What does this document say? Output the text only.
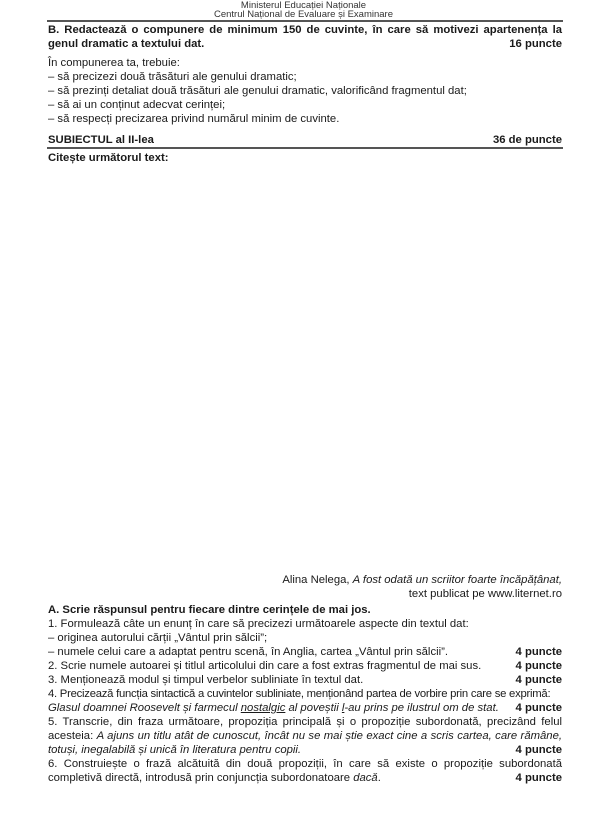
Ministerul Educației Naționale
Centrul Național de Evaluare și Examinare
B. Redactează o compunere de minimum 150 de cuvinte, în care să motivezi apartenența la
genul dramatic a textului dat.	16 puncte
În compunerea ta, trebuie:
– să precizezi două trăsături ale genului dramatic;
– să prezinți detaliat două trăsături ale genului dramatic, valorificând fragmentul dat;
– să ai un conținut adecvat cerinței;
– să respecți precizarea privind numărul minim de cuvinte.
SUBIECTUL al II-lea	36 de puncte
Citește următorul text:
Alina Nelega, A fost odată un scriitor foarte încăpățânat,
text publicat pe www.liternet.ro
A. Scrie răspunsul pentru fiecare dintre cerințele de mai jos.
1. Formulează câte un enunț în care să precizezi următoarele aspecte din textul dat:
– originea autorului cărții „Vântul prin sălcii”;
– numele celui care a adaptat pentru scenă, în Anglia, cartea „Vântul prin sălcii”.	4 puncte
2. Scrie numele autoarei și titlul articolului din care a fost extras fragmentul de mai sus.	4 puncte
3. Menționează modul și timpul verbelor subliniate în textul dat.	4 puncte
4. Precizează funcția sintactică a cuvintelor subliniate, menționând partea de vorbire prin care se exprimă:
Glasul doamnei Roosevelt și farmecul nostalgic al poveștii l-au prins pe ilustrul om de stat. 4 puncte
5. Transcrie, din fraza următoare, propoziția principală și o propoziție subordonată, precizând felul
acesteia: A ajuns un titlu atât de cunoscut, încât nu se mai știe exact cine a scris cartea, care rămâne,
totuși, inegalabilă și unică în literatura pentru copii.	4 puncte
6. Construiește o frază alcătuită din două propoziții, în care să existe o propoziție subordonată
completivă directă, introdusă prin conjuncția subordonatoare dacă.	4 puncte
